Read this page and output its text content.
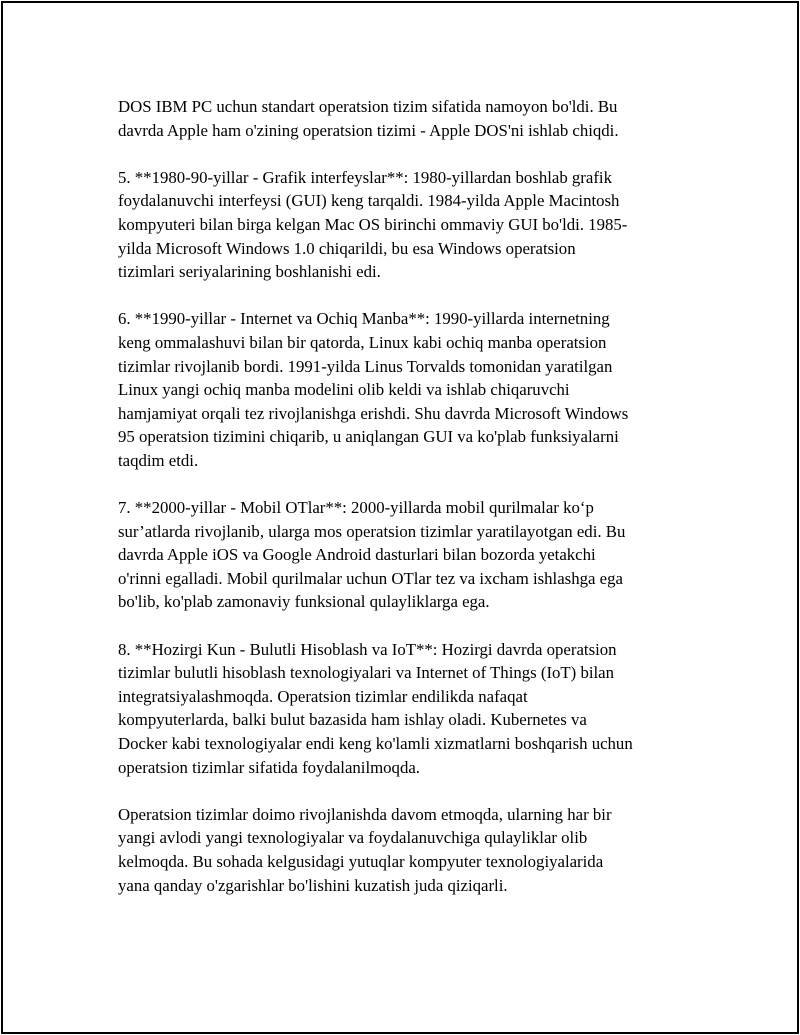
DOS IBM PC uchun standart operatsion tizim sifatida namoyon bo'ldi. Bu
davrda Apple ham o'zining operatsion tizimi - Apple DOS'ni ishlab chiqdi.

5. **1980-90-yillar - Grafik interfeyslar**: 1980-yillardan boshlab grafik
foydalanuvchi interfeysi (GUI) keng tarqaldi. 1984-yilda Apple Macintosh
kompyuteri bilan birga kelgan Mac OS birinchi ommaviy GUI bo'ldi. 1985-
yilda Microsoft Windows 1.0 chiqarildi, bu esa Windows operatsion
tizimlari seriyalarining boshlanishi edi.

6. **1990-yillar - Internet va Ochiq Manba**: 1990-yillarda internetning
keng ommalashuvi bilan bir qatorda, Linux kabi ochiq manba operatsion
tizimlar rivojlanib bordi. 1991-yilda Linus Torvalds tomonidan yaratilgan
Linux yangi ochiq manba modelini olib keldi va ishlab chiqaruvchi
hamjamiyat orqali tez rivojlanishga erishdi. Shu davrda Microsoft Windows
95 operatsion tizimini chiqarib, u aniqlangan GUI va ko'plab funksiyalarni
taqdim etdi.

7. **2000-yillar - Mobil OTlar**: 2000-yillarda mobil qurilmalar ko‘p
sur’atlarda rivojlanib, ularga mos operatsion tizimlar yaratilayotgan edi. Bu
davrda Apple iOS va Google Android dasturlari bilan bozorda yetakchi
o'rinni egalladi. Mobil qurilmalar uchun OTlar tez va ixcham ishlashga ega
bo'lib, ko'plab zamonaviy funksional qulayliklarga ega.

8. **Hozirgi Kun - Bulutli Hisoblash va IoT**: Hozirgi davrda operatsion
tizimlar bulutli hisoblash texnologiyalari va Internet of Things (IoT) bilan
integratsiyalashmoqda. Operatsion tizimlar endilikda nafaqat
kompyuterlarda, balki bulut bazasida ham ishlay oladi. Kubernetes va
Docker kabi texnologiyalar endi keng ko'lamli xizmatlarni boshqarish uchun
operatsion tizimlar sifatida foydalanilmoqda.

Operatsion tizimlar doimo rivojlanishda davom etmoqda, ularning har bir
yangi avlodi yangi texnologiyalar va foydalanuvchiga qulayliklar olib
kelmoqda. Bu sohada kelgusidagi yutuqlar kompyuter texnologiyalarida
yana qanday o'zgarishlar bo'lishini kuzatish juda qiziqarli.
